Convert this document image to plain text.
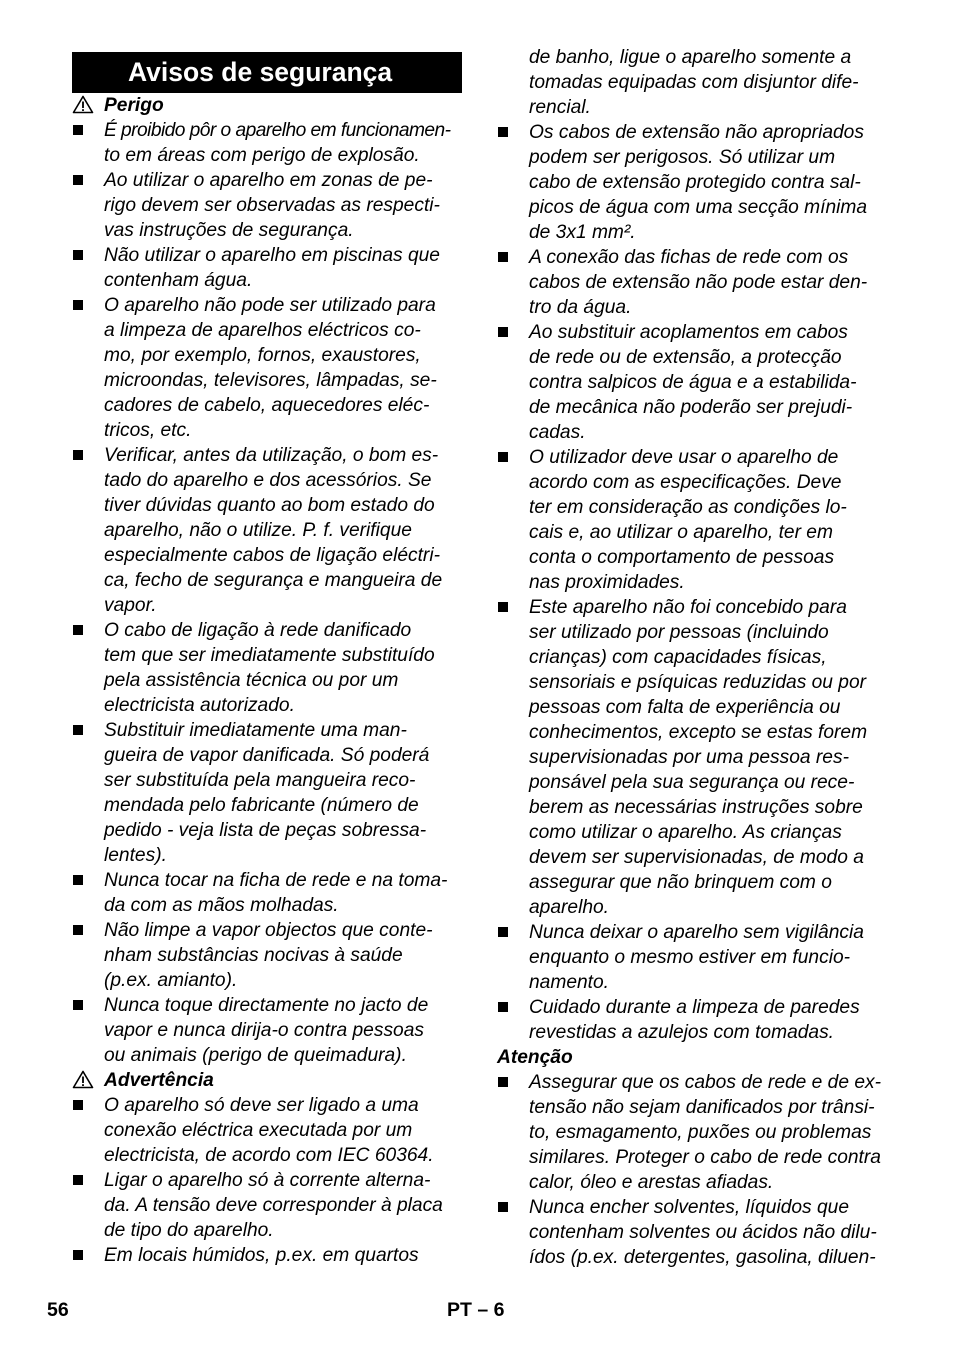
Avisos de segurança
Perigo
É proibido pôr o aparelho em funcionamen-
to em áreas com perigo de explosão.
Ao utilizar o aparelho em zonas de pe-
rigo devem ser observadas as respecti-
vas instruções de segurança.
Não utilizar o aparelho em piscinas que
contenham água.
O aparelho não pode ser utilizado para
a limpeza de aparelhos eléctricos co-
mo, por exemplo, fornos, exaustores,
microondas, televisores, lâmpadas, se-
cadores de cabelo, aquecedores eléc-
tricos, etc.
Verificar, antes da utilização, o bom es-
tado do aparelho e dos acessórios. Se
tiver dúvidas quanto ao bom estado do
aparelho, não o utilize. P. f. verifique
especialmente cabos de ligação eléctri-
ca, fecho de segurança e mangueira de
vapor.
O cabo de ligação à rede danificado
tem que ser imediatamente substituído
pela assistência técnica ou por um
electricista autorizado.
Substituir imediatamente uma man-
gueira de vapor danificada. Só poderá
ser substituída pela mangueira reco-
mendada pelo fabricante (número de
pedido - veja lista de peças sobressa-
lentes).
Nunca tocar na ficha de rede e na toma-
da com as mãos molhadas.
Não limpe a vapor objectos que conte-
nham substâncias nocivas à saúde
(p.ex. amianto).
Nunca toque directamente no jacto de
vapor e nunca dirija-o contra pessoas
ou animais (perigo de queimadura).
Advertência
O aparelho só deve ser ligado a uma
conexão eléctrica executada por um
electricista, de acordo com IEC 60364.
Ligar o aparelho só à corrente alterna-
da. A tensão deve corresponder à placa
de tipo do aparelho.
Em locais húmidos, p.ex. em quartos
de banho, ligue o aparelho somente a
tomadas equipadas com disjuntor dife-
rencial.
Os cabos de extensão não apropriados
podem ser perigosos. Só utilizar um
cabo de extensão protegido contra sal-
picos de água com uma secção mínima
de 3x1 mm².
A conexão das fichas de rede com os
cabos de extensão não pode estar den-
tro da água.
Ao substituir acoplamentos em cabos
de rede ou de extensão, a protecção
contra salpicos de água e a estabilida-
de mecânica não poderão ser prejudi-
cadas.
O utilizador deve usar o aparelho de
acordo com as especificações. Deve
ter em consideração as condições lo-
cais e, ao utilizar o aparelho, ter em
conta o comportamento de pessoas
nas proximidades.
Este aparelho não foi concebido para
ser utilizado por pessoas (incluindo
crianças) com capacidades físicas,
sensoriais e psíquicas reduzidas ou por
pessoas com falta de experiência ou
conhecimentos, excepto se estas forem
supervisionadas por uma pessoa res-
ponsável pela sua segurança ou rece-
berem as necessárias instruções sobre
como utilizar o aparelho. As crianças
devem ser supervisionadas, de modo a
assegurar que não brinquem com o
aparelho.
Nunca deixar o aparelho sem vigilância
enquanto o mesmo estiver em funcio-
namento.
Cuidado durante a limpeza de paredes
revestidas a azulejos com tomadas.
Atenção
Assegurar que os cabos de rede e de ex-
tensão não sejam danificados por trânsi-
to, esmagamento, puxões ou problemas
similares. Proteger o cabo de rede contra
calor, óleo e arestas afiadas.
Nunca encher solventes, líquidos que
contenham solventes ou ácidos não dilu-
ídos (p.ex. detergentes, gasolina, diluen-
56	PT – 6
